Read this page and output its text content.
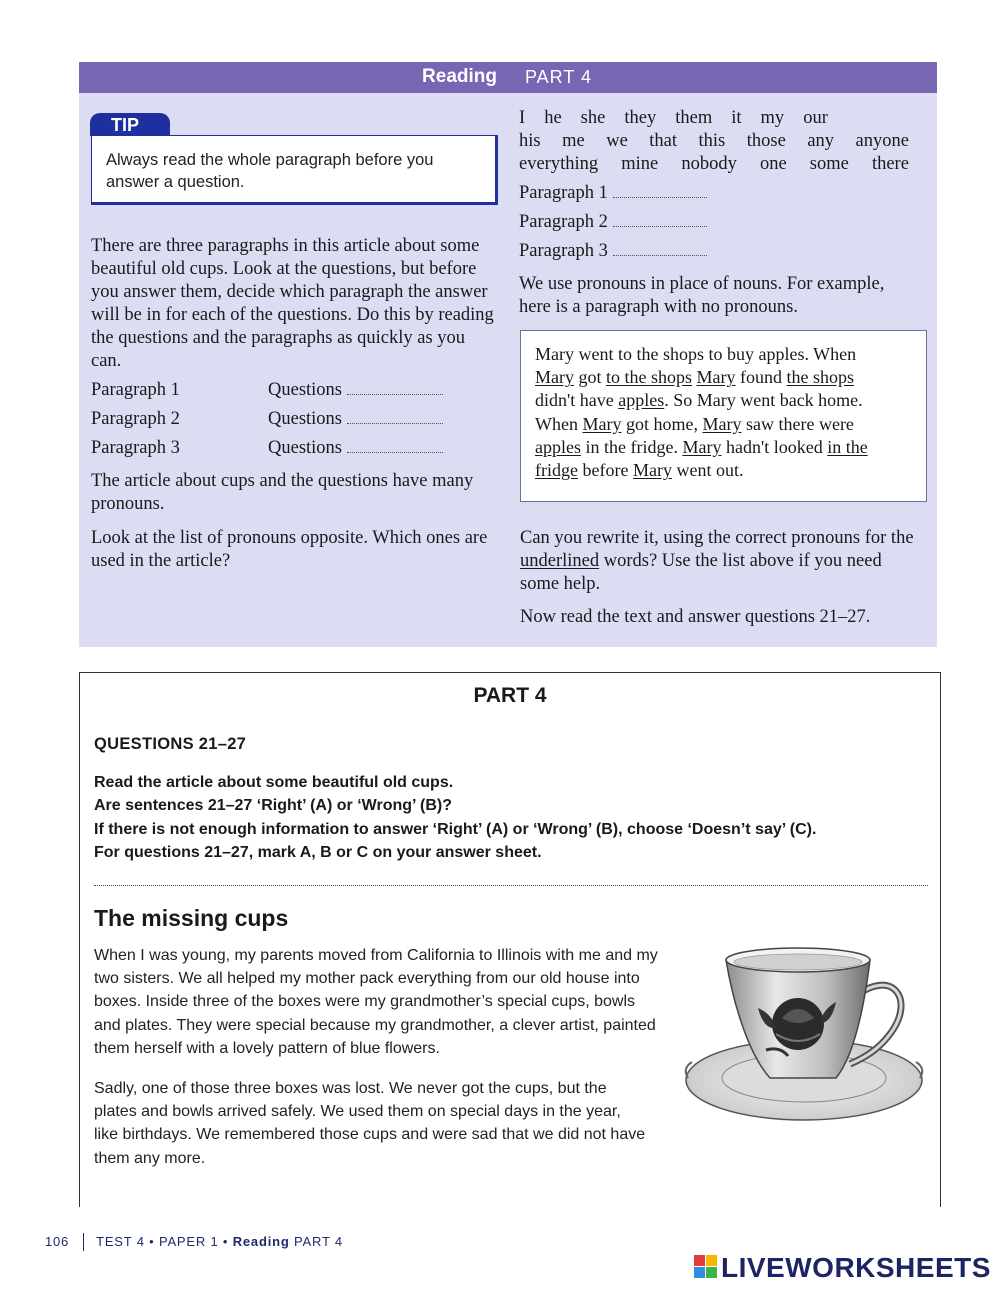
Reading PART 4
TIP
Always read the whole paragraph before you answer a question.
There are three paragraphs in this article about some beautiful old cups. Look at the questions, but before you answer them, decide which paragraph the answer will be in for each of the questions. Do this by reading the questions and the paragraphs as quickly as you can.
Paragraph 1	Questions
Paragraph 2	Questions
Paragraph 3	Questions
The article about cups and the questions have many pronouns.
Look at the list of pronouns opposite. Which ones are used in the article?
I he she they them it my our
his me we that this those any anyone
everything mine nobody one some there
Paragraph 1
Paragraph 2
Paragraph 3
We use pronouns in place of nouns. For example, here is a paragraph with no pronouns.
Mary went to the shops to buy apples. When
Mary got to the shops Mary found the shops
didn't have apples. So Mary went back home.
When Mary got home, Mary saw there were
apples in the fridge. Mary hadn't looked in the
fridge before Mary went out.
Can you rewrite it, using the correct pronouns for the underlined words? Use the list above if you need some help.
Now read the text and answer questions 21–27.
PART 4
QUESTIONS 21–27
Read the article about some beautiful old cups.
Are sentences 21–27 ‘Right’ (A) or ‘Wrong’ (B)?
If there is not enough information to answer ‘Right’ (A) or ‘Wrong’ (B), choose ‘Doesn’t say’ (C).
For questions 21–27, mark A, B or C on your answer sheet.
The missing cups
When I was young, my parents moved from California to Illinois with me and my
two sisters. We all helped my mother pack everything from our old house into
boxes. Inside three of the boxes were my grandmother’s special cups, bowls
and plates. They were special because my grandmother, a clever artist, painted
them herself with a lovely pattern of blue flowers.
Sadly, one of those three boxes was lost. We never got the cups, but the
plates and bowls arrived safely. We used them on special days in the year,
like birthdays. We remembered those cups and were sad that we did not have
them any more.
106 TEST 4 • PAPER 1 • Reading PART 4
LIVEWORKSHEETS
